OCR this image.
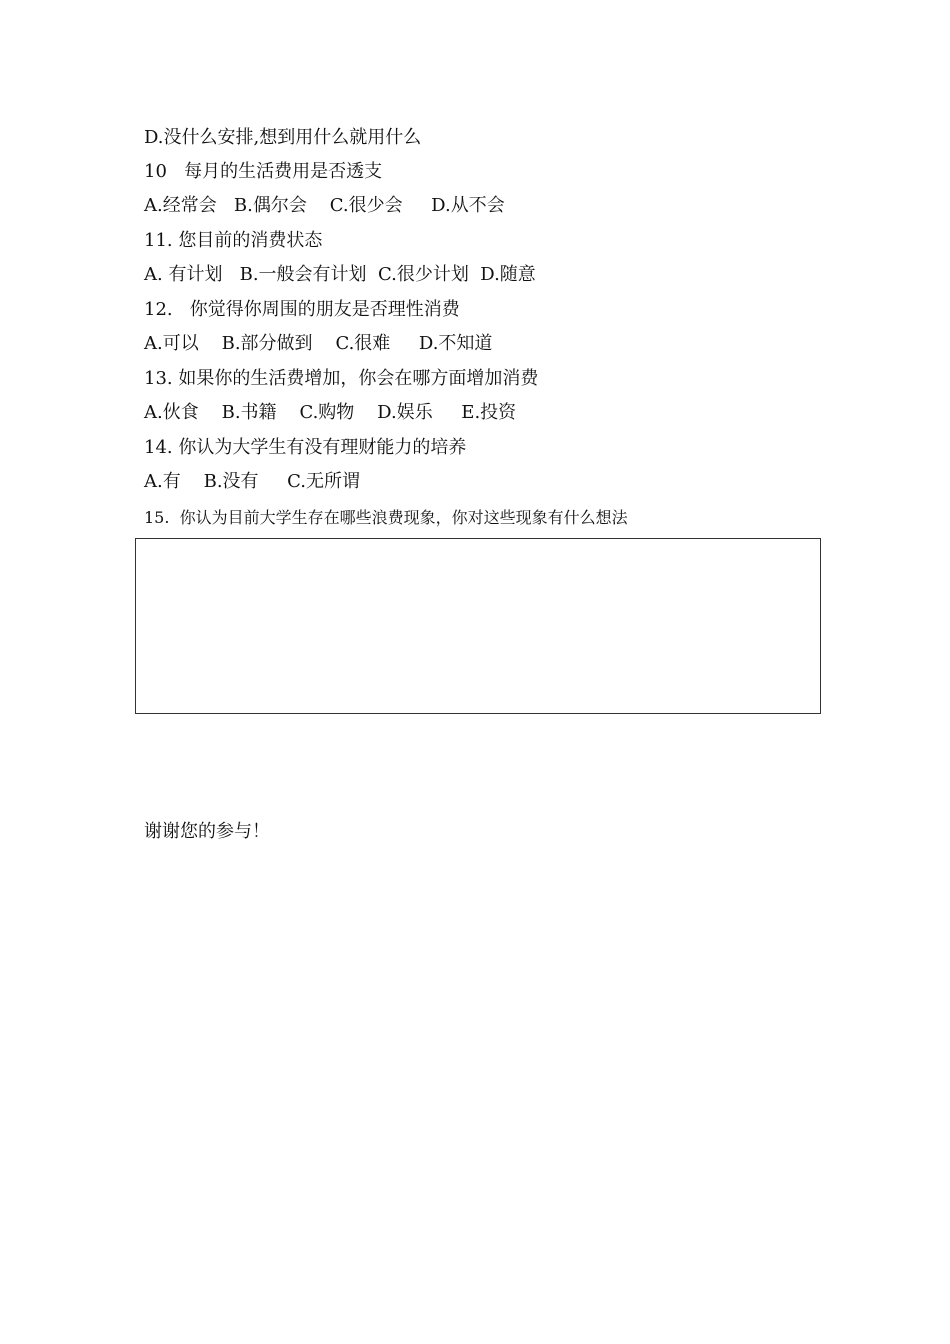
D.没什么安排,想到用什么就用什么
10   每月的生活费用是否透支
A.经常会   B.偶尔会    C.很少会     D.从不会
11. 您目前的消费状态
A. 有计划   B.一般会有计划  C.很少计划  D.随意
12.   你觉得你周围的朋友是否理性消费
A.可以    B.部分做到    C.很难     D.不知道
13. 如果你的生活费增加，你会在哪方面增加消费
A.伙食    B.书籍    C.购物    D.娱乐     E.投资
14. 你认为大学生有没有理财能力的培养
A.有    B.没有     C.无所谓
15.  你认为目前大学生存在哪些浪费现象，你对这些现象有什么想法
谢谢您的参与！
